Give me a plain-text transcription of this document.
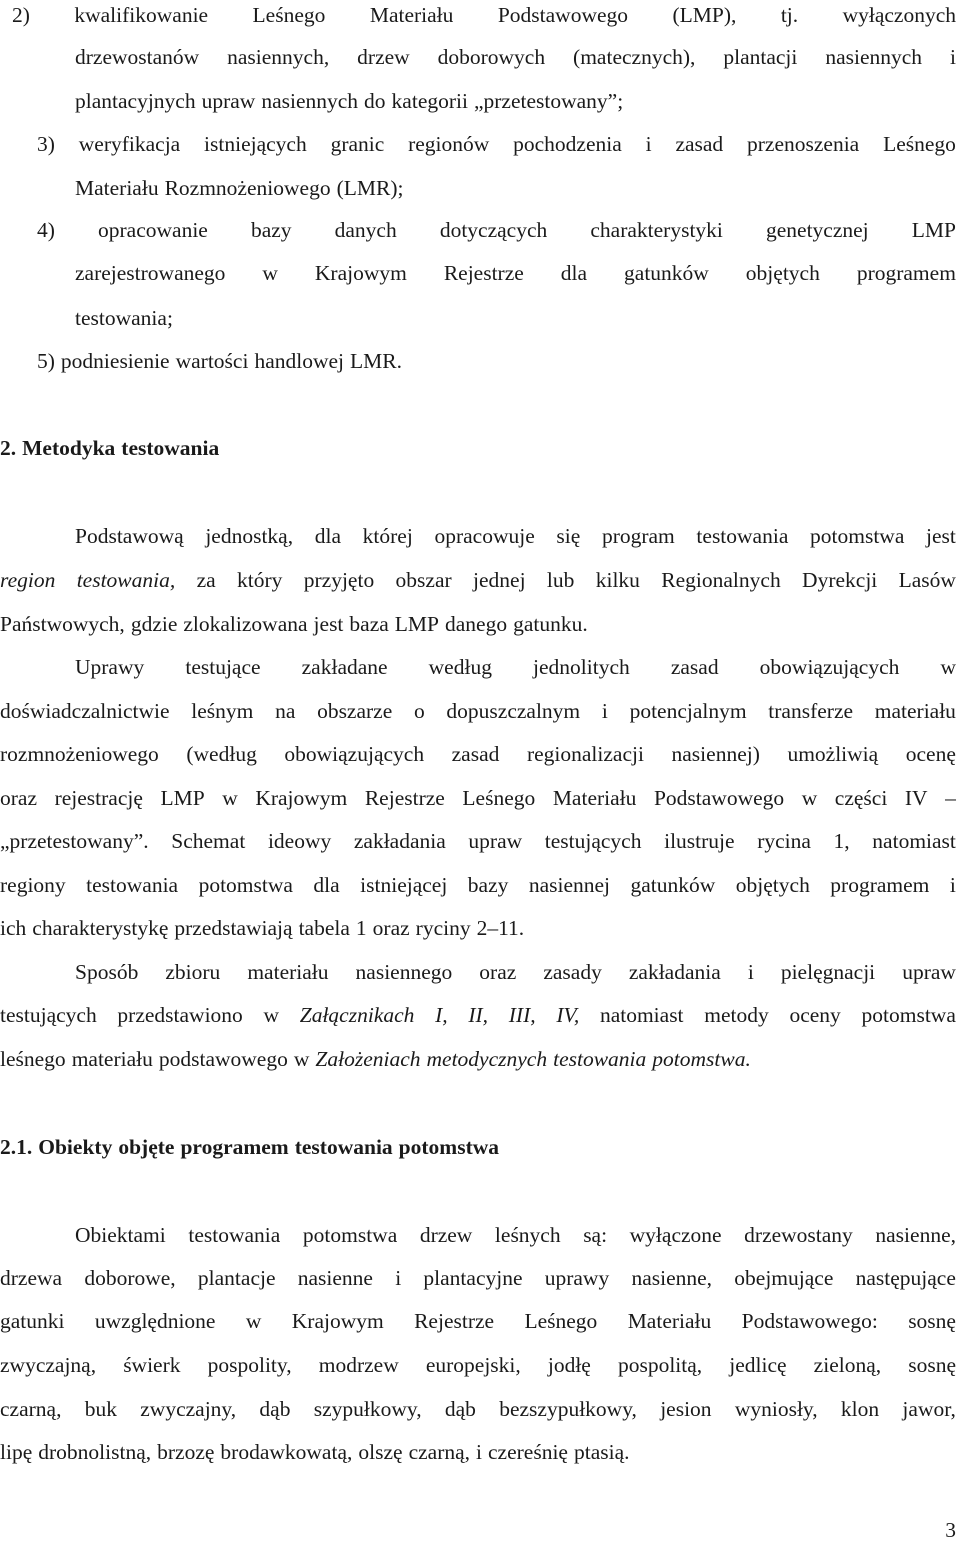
2) kwalifikowanie Leśnego Materiału Podstawowego (LMP), tj. wyłączonych
drzewostanów nasiennych, drzew doborowych (matecznych), plantacji nasiennych i
plantacyjnych upraw nasiennych do kategorii „przetestowany”;
3) weryfikacja istniejących granic regionów pochodzenia i zasad przenoszenia Leśnego
Materiału Rozmnożeniowego (LMR);
4) opracowanie bazy danych dotyczących charakterystyki genetycznej LMP
zarejestrowanego w Krajowym Rejestrze dla gatunków objętych programem
testowania;
5) podniesienie wartości handlowej LMR.
2. Metodyka testowania
Podstawową jednostką, dla której opracowuje się program testowania potomstwa jest
region testowania, za który przyjęto obszar jednej lub kilku Regionalnych Dyrekcji Lasów
Państwowych, gdzie zlokalizowana jest baza LMP danego gatunku.
Uprawy testujące zakładane według jednolitych zasad obowiązujących w
doświadczalnictwie leśnym na obszarze o dopuszczalnym i potencjalnym transferze materiału
rozmnożeniowego (według obowiązujących zasad regionalizacji nasiennej) umożliwią ocenę
oraz rejestrację LMP w Krajowym Rejestrze Leśnego Materiału Podstawowego w części IV –
„przetestowany”. Schemat ideowy zakładania upraw testujących ilustruje rycina 1, natomiast
regiony testowania potomstwa dla istniejącej bazy nasiennej gatunków objętych programem i
ich charakterystykę przedstawiają tabela 1 oraz ryciny 2–11.
Sposób zbioru materiału nasiennego oraz zasady zakładania i pielęgnacji upraw
testujących przedstawiono w Załącznikach I, II, III, IV, natomiast metody oceny potomstwa
leśnego materiału podstawowego w Założeniach metodycznych testowania potomstwa.
2.1. Obiekty objęte programem testowania potomstwa
Obiektami testowania potomstwa drzew leśnych są: wyłączone drzewostany nasienne,
drzewa doborowe, plantacje nasienne i plantacyjne uprawy nasienne, obejmujące następujące
gatunki uwzględnione w Krajowym Rejestrze Leśnego Materiału Podstawowego: sosnę
zwyczajną, świerk pospolity, modrzew europejski, jodłę pospolitą, jedlicę zieloną, sosnę
czarną, buk zwyczajny, dąb szypułkowy, dąb bezszypułkowy, jesion wyniosły, klon jawor,
lipę drobnolistną, brzozę brodawkowatą, olszę czarną, i czereśnię ptasią.
3
